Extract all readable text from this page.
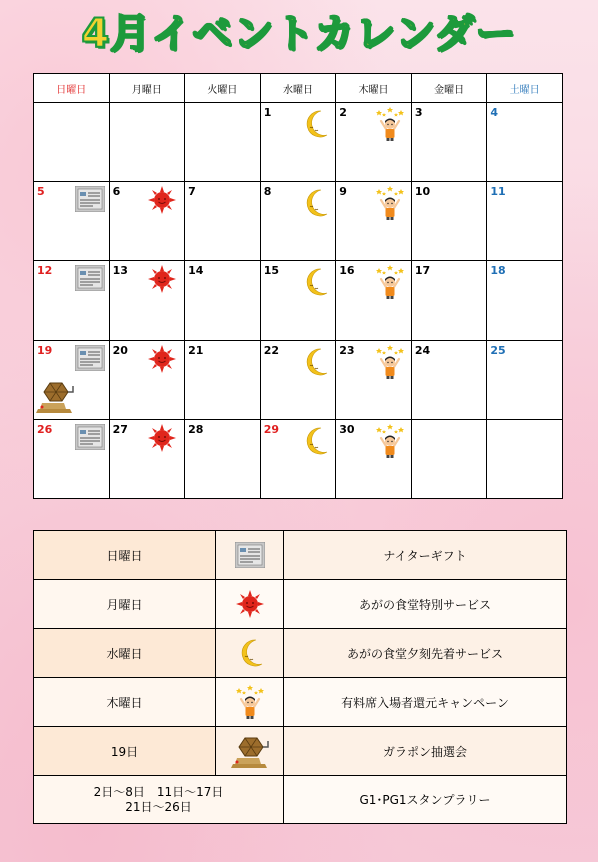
4月イベントカレンダー
日曜日	月曜日	火曜日	水曜日	木曜日	金曜日	土曜日

			1	2	3	4

5	6	7	8	9	10	11

12	13	14	15	16	17	18

19	20	21	22	23	24	25

26	27	28	29	30		

日曜日		ナイターギフト
月曜日		あがの食堂特別サービス
水曜日		あがの食堂夕刻先着サービス
木曜日		有料席入場者還元キャンペーン
19日		ガラポン抽選会

2日～8日　11日～17日
21日～26日		G1･PG1スタンプラリー
